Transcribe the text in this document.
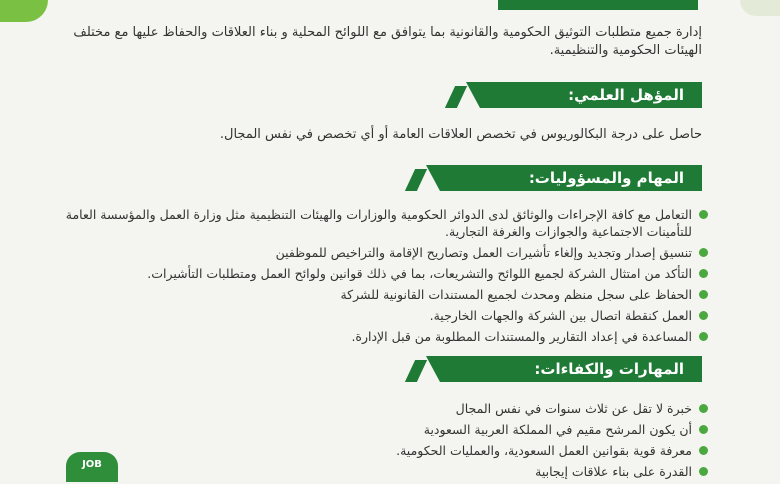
إدارة جميع متطلبات التوثيق الحكومية والقانونية بما يتوافق مع اللوائح المحلية و بناء العلاقات والحفاظ عليها مع مختلف الهيئات الحكومية والتنظيمية.
المؤهل العلمي:
حاصل على درجة البكالوريوس في تخصص العلاقات العامة أو أي تخصص في نفس المجال.
المهام والمسؤوليات:
التعامل مع كافة الإجراءات والوثائق لدى الدوائر الحكومية والوزارات والهيئات التنظيمية مثل وزارة العمل والمؤسسة العامة للتأمينات الاجتماعية والجوازات والغرفة التجارية.
تنسيق إصدار وتجديد وإلغاء تأشيرات العمل وتصاريح الإقامة والتراخيص للموظفين
التأكد من امتثال الشركة لجميع اللوائح والتشريعات، بما في ذلك قوانين ولوائح العمل ومتطلبات التأشيرات.
الحفاظ على سجل منظم ومحدث لجميع المستندات القانونية للشركة
العمل كنقطة اتصال بين الشركة والجهات الخارجية.
المساعدة في إعداد التقارير والمستندات المطلوبة من قبل الإدارة.
المهارات والكفاءات:
خبرة لا تقل عن ثلاث سنوات في نفس المجال
أن يكون المرشح مقيم في المملكة العربية السعودية
معرفة قوية بقوانين العمل السعودية، والعمليات الحكومية.
القدرة على بناء علاقات إيجابية
JOB
